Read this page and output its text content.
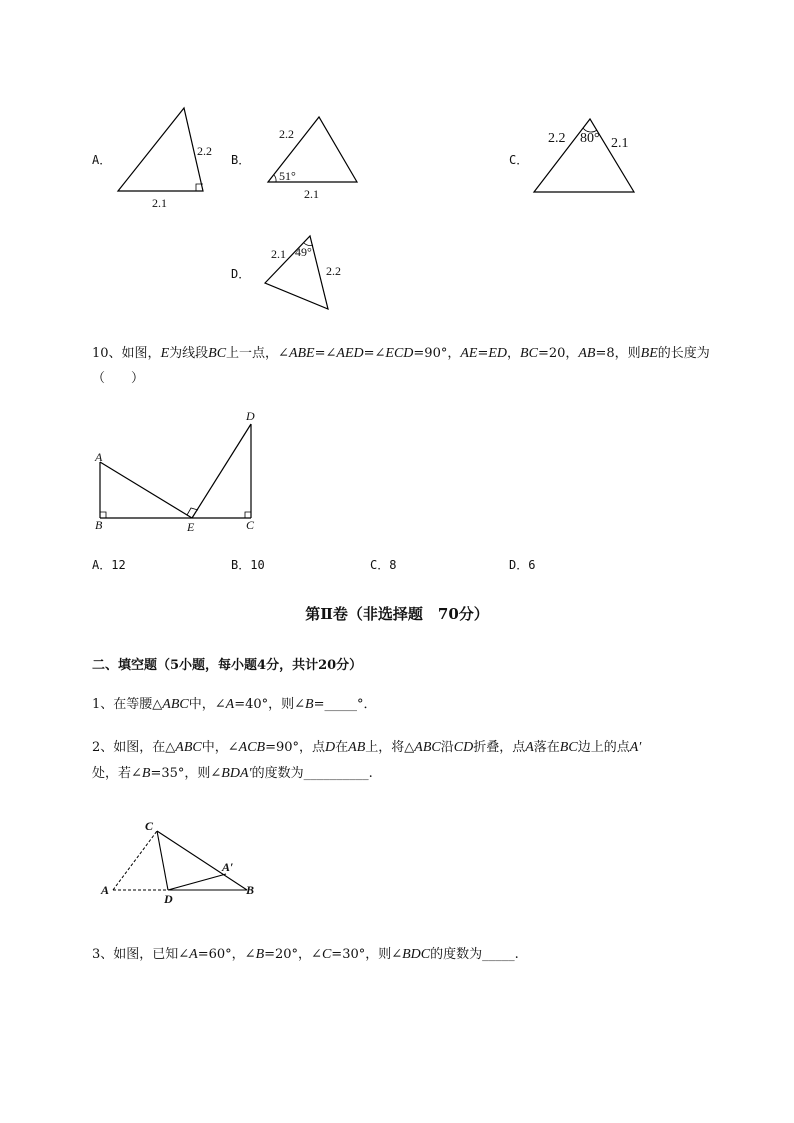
A．
2.2
2.1
B．
2.2
51°
2.1
C．
2.2 80° 2.1
D．
2.1 49°
2.2
10、如图，E为线段BC上一点，∠ABE=∠AED=∠ECD=90°，AE=ED，BC=20，AB=8，则BE的长度为
（　　）
A
B	E	C
D
A．12	B．10	C．8	D．6
第Ⅱ卷（非选择题　70分）
二、填空题（5小题，每小题4分，共计20分）
1、在等腰△ABC中，∠A=40°，则∠B=_____°．
2、如图，在△ABC中，∠ACB=90°，点D在AB上，将△ABC沿CD折叠，点A落在BC边上的点A′
处，若∠B=35°，则∠BDA′的度数为__________.
C
A′
A
D
B
3、如图，已知∠A=60°，∠B=20°，∠C=30°，则∠BDC的度数为_____.
